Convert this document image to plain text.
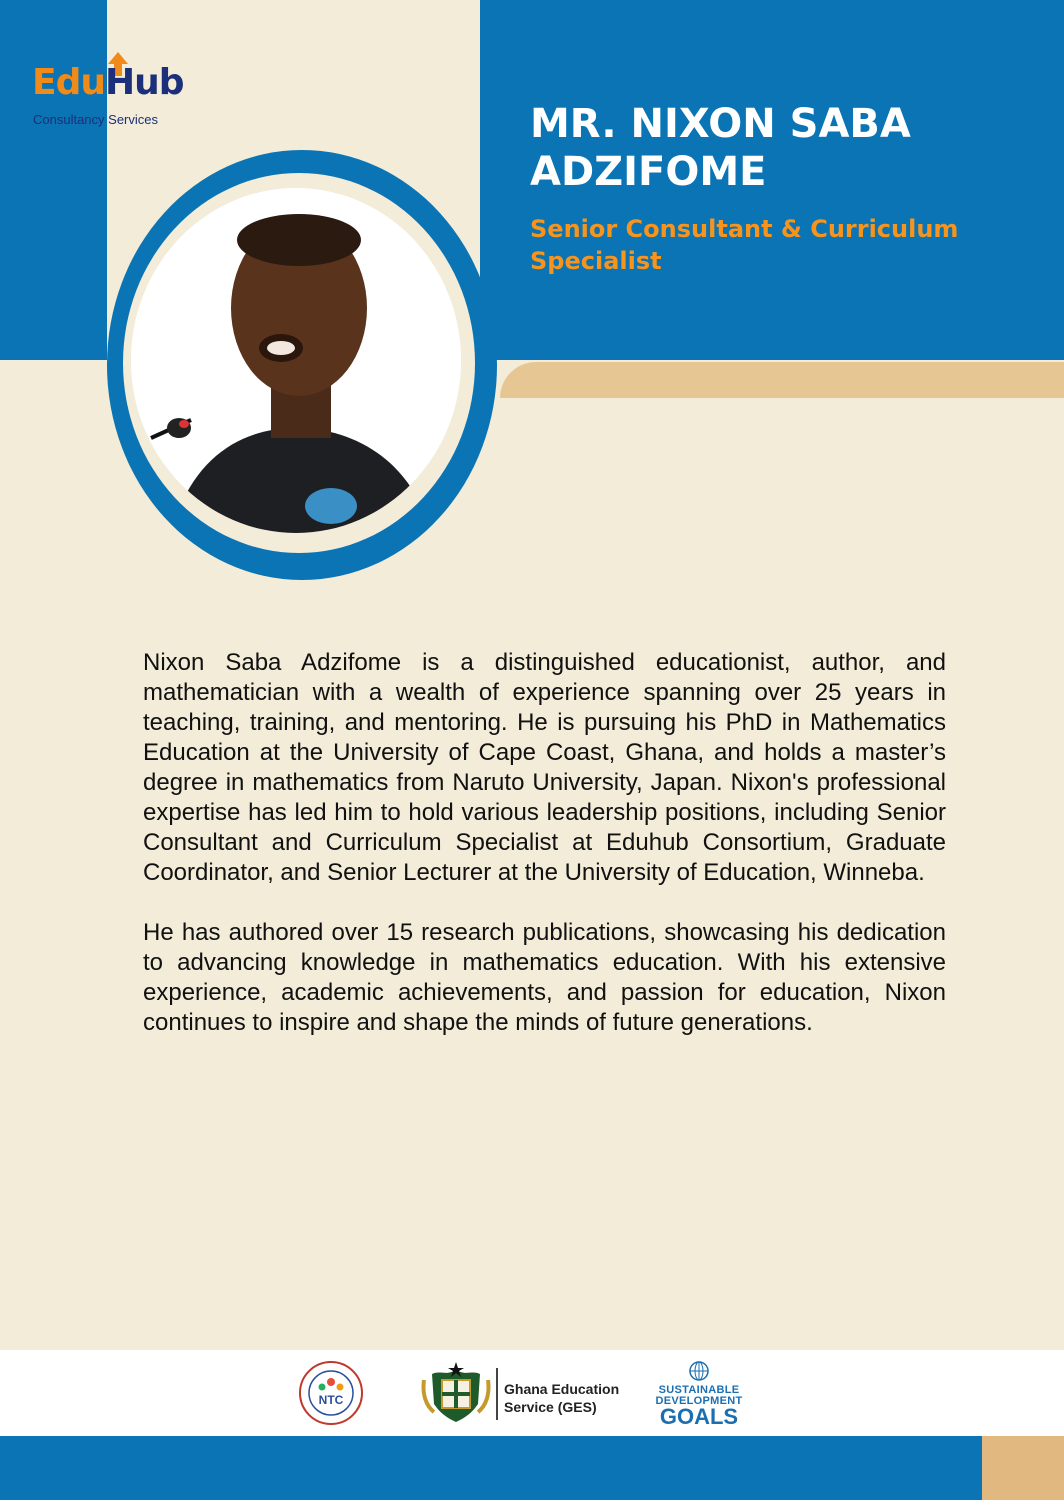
EduHub
Consultancy Services	MR. NIXON SABA ADZIFOME
Senior Consultant & Curriculum Specialist

Nixon Saba Adzifome is a distinguished educationist, author, and mathematician with a wealth of experience spanning over 25 years in teaching, training, and mentoring. He is pursuing his PhD in Mathematics Education at the University of Cape Coast, Ghana, and holds a master’s degree in mathematics from Naruto University, Japan. Nixon's professional expertise has led him to hold various leadership positions, including Senior Consultant and Curriculum Specialist at Eduhub Consortium, Graduate Coordinator, and Senior Lecturer at the University of Education, Winneba.

He has authored over 15 research publications, showcasing his dedication to advancing knowledge in mathematics education. With his extensive experience, academic achievements, and passion for education, Nixon continues to inspire and shape the minds of future generations.

NTC
Ghana Education
Service (GES)
SUSTAINABLE
DEVELOPMENT
GOALS
